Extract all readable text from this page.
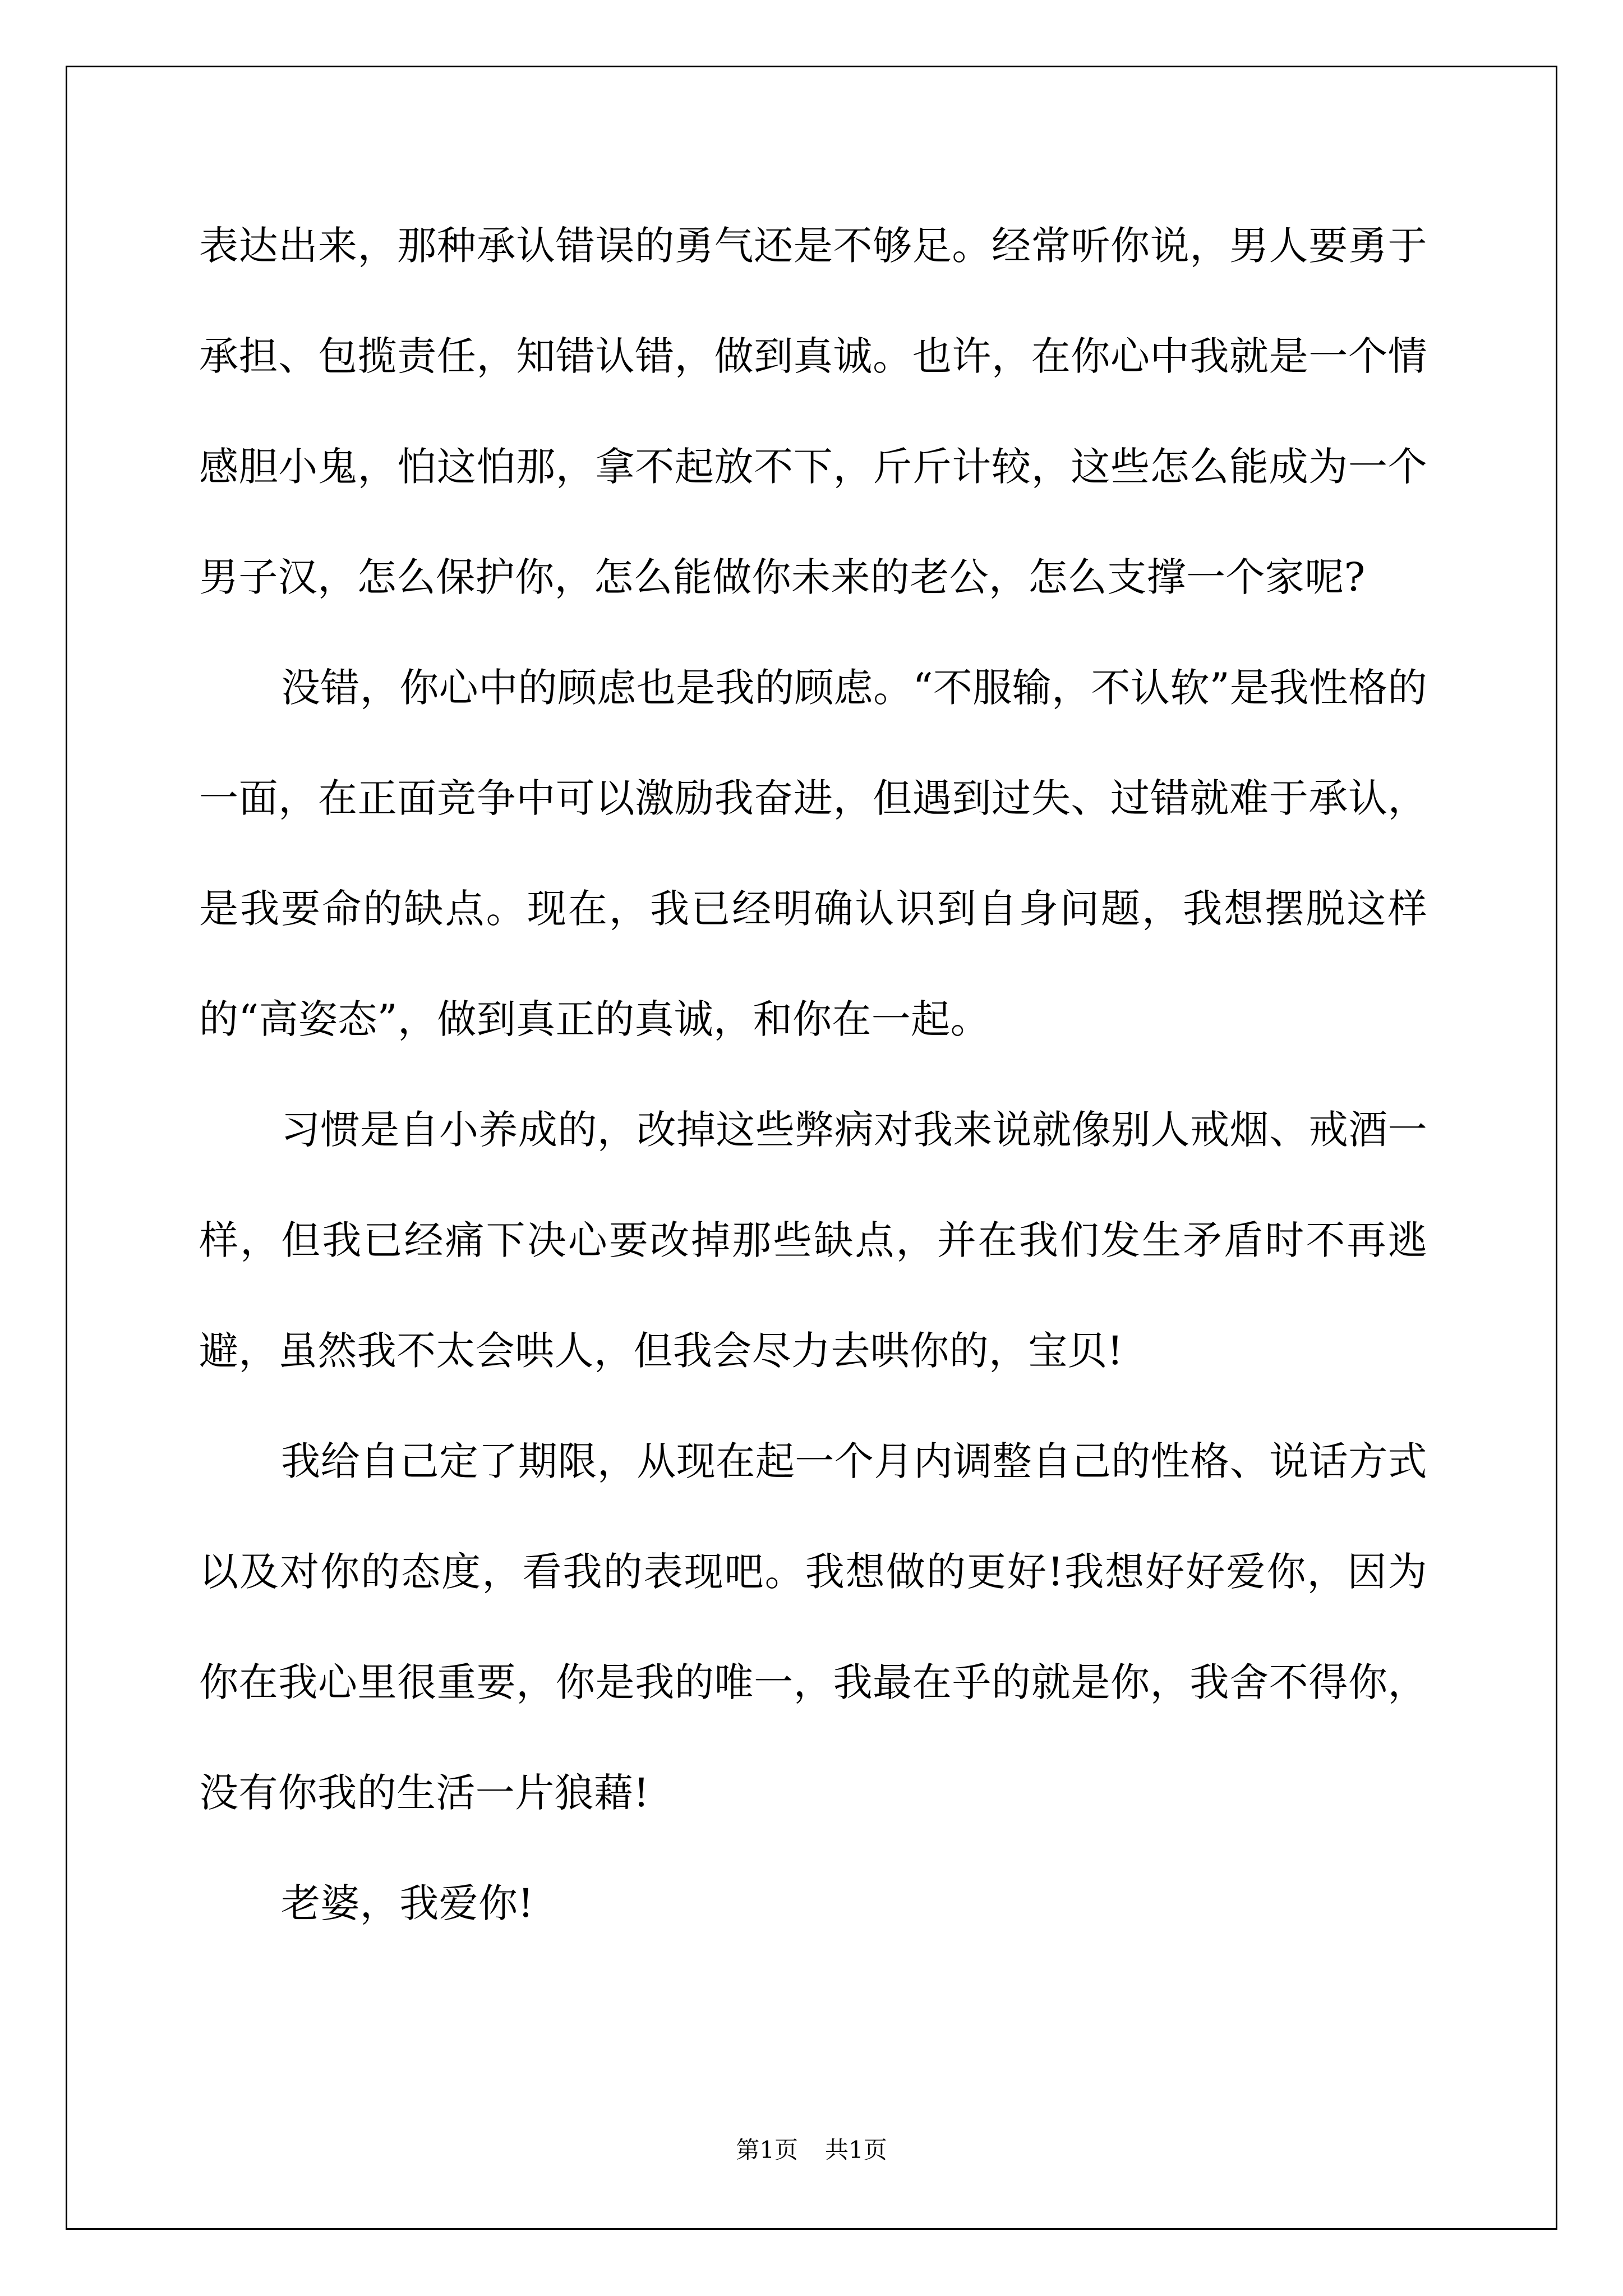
表达出来，那种承认错误的勇气还是不够足。经常听你说，男人要勇于承担、包揽责任，知错认错，做到真诚。也许，在你心中我就是一个情感胆小鬼，怕这怕那，拿不起放不下，斤斤计较，这些怎么能成为一个男子汉，怎么保护你，怎么能做你未来的老公，怎么支撑一个家呢?

没错，你心中的顾虑也是我的顾虑。“不服输，不认软”是我性格的一面，在正面竞争中可以激励我奋进，但遇到过失、过错就难于承认，是我要命的缺点。现在，我已经明确认识到自身问题，我想摆脱这样的“高姿态”，做到真正的真诚，和你在一起。

习惯是自小养成的，改掉这些弊病对我来说就像别人戒烟、戒酒一样，但我已经痛下决心要改掉那些缺点，并在我们发生矛盾时不再逃避，虽然我不太会哄人，但我会尽力去哄你的，宝贝!

我给自己定了期限，从现在起一个月内调整自己的性格、说话方式以及对你的态度，看我的表现吧。我想做的更好!我想好好爱你，因为你在我心里很重要，你是我的唯一，我最在乎的就是你，我舍不得你，没有你我的生活一片狼藉!

老婆，我爱你!

第1页 共1页
